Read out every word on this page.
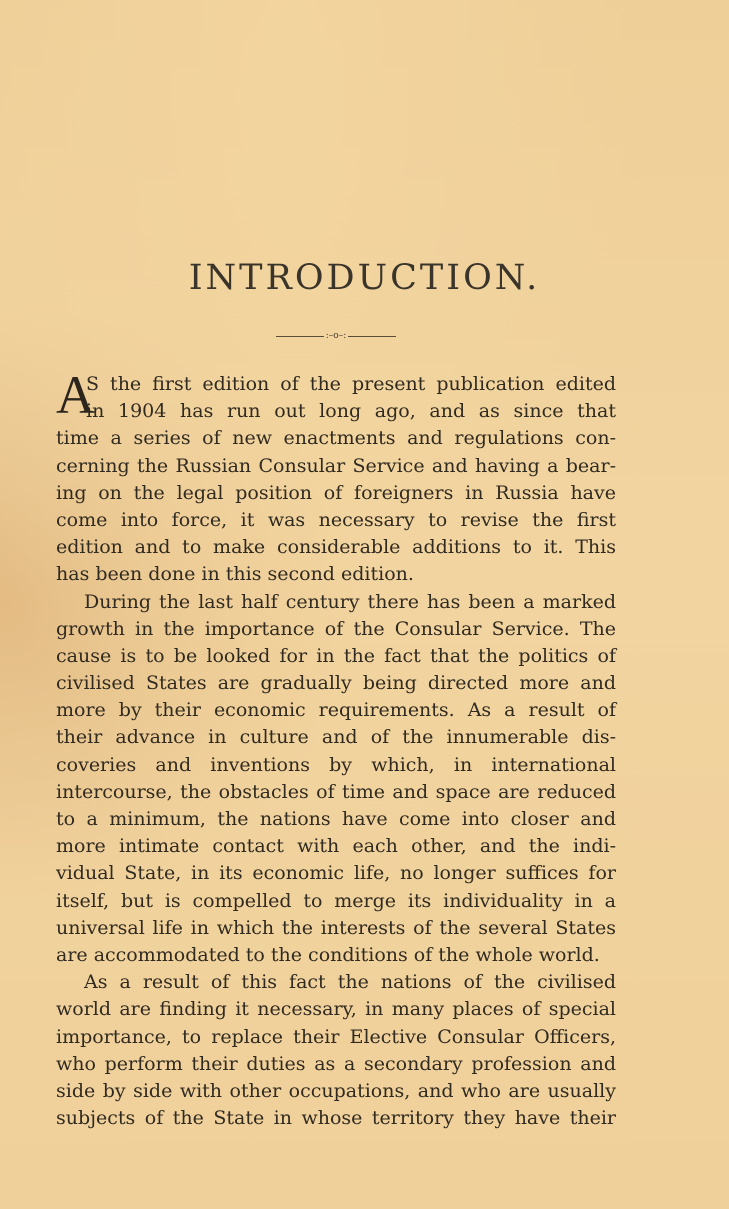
INTRODUCTION.
:–o–:
A
S the first edition of the present publication edited
in 1904 has run out long ago, and as since that
time a series of new enactments and regulations con-
cerning the Russian Consular Service and having a bear-
ing on the legal position of foreigners in Russia have
come into force, it was necessary to revise the first
edition and to make considerable additions to it. This
has been done in this second edition.
During the last half century there has been a marked
growth in the importance of the Consular Service. The
cause is to be looked for in the fact that the politics of
civilised States are gradually being directed more and
more by their economic requirements. As a result of
their advance in culture and of the innumerable dis-
coveries and inventions by which, in international
intercourse, the obstacles of time and space are reduced
to a minimum, the nations have come into closer and
more intimate contact with each other, and the indi-
vidual State, in its economic life, no longer suffices for
itself, but is compelled to merge its individuality in a
universal life in which the interests of the several States
are accommodated to the conditions of the whole world.
As a result of this fact the nations of the civilised
world are finding it necessary, in many places of special
importance, to replace their Elective Consular Officers,
who perform their duties as a secondary profession and
side by side with other occupations, and who are usually
subjects of the State in whose territory they have their
